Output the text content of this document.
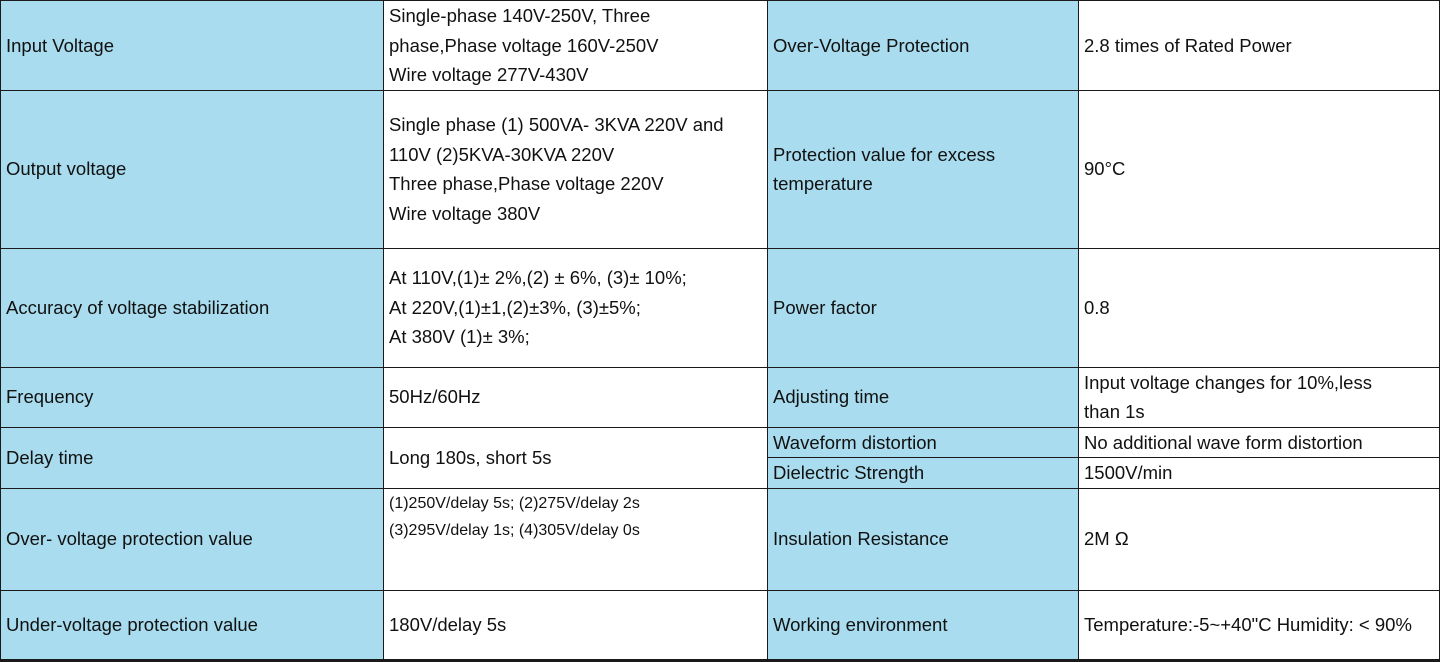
Input Voltage	Single-phase 140V-250V, Three
phase,Phase voltage 160V-250V
Wire voltage 277V-430V	Over-Voltage Protection	2.8 times of Rated Power
Output voltage	Single phase (1) 500VA- 3KVA 220V and
110V (2)5KVA-30KVA 220V
Three phase,Phase voltage 220V
Wire voltage 380V	Protection value for excess temperature	90°C
Accuracy of voltage stabilization	At 110V,(1)± 2%,(2) ± 6%, (3)± 10%;
At 220V,(1)±1,(2)±3%, (3)±5%;
At 380V (1)± 3%;	Power factor	0.8
Frequency	50Hz/60Hz	Adjusting time	Input voltage changes for 10%,less than 1s

Delay time	Long 180s, short 5s	Waveform distortion	No additional wave form distortion
		Dielectric Strength	1500V/min
Over- voltage protection value	(1)250V/delay 5s; (2)275V/delay 2s
(3)295V/delay 1s; (4)305V/delay 0s	Insulation Resistance	2M Ω
Under-voltage protection value	180V/delay 5s	Working environment	Temperature:-5~+40"C Humidity: < 90%
